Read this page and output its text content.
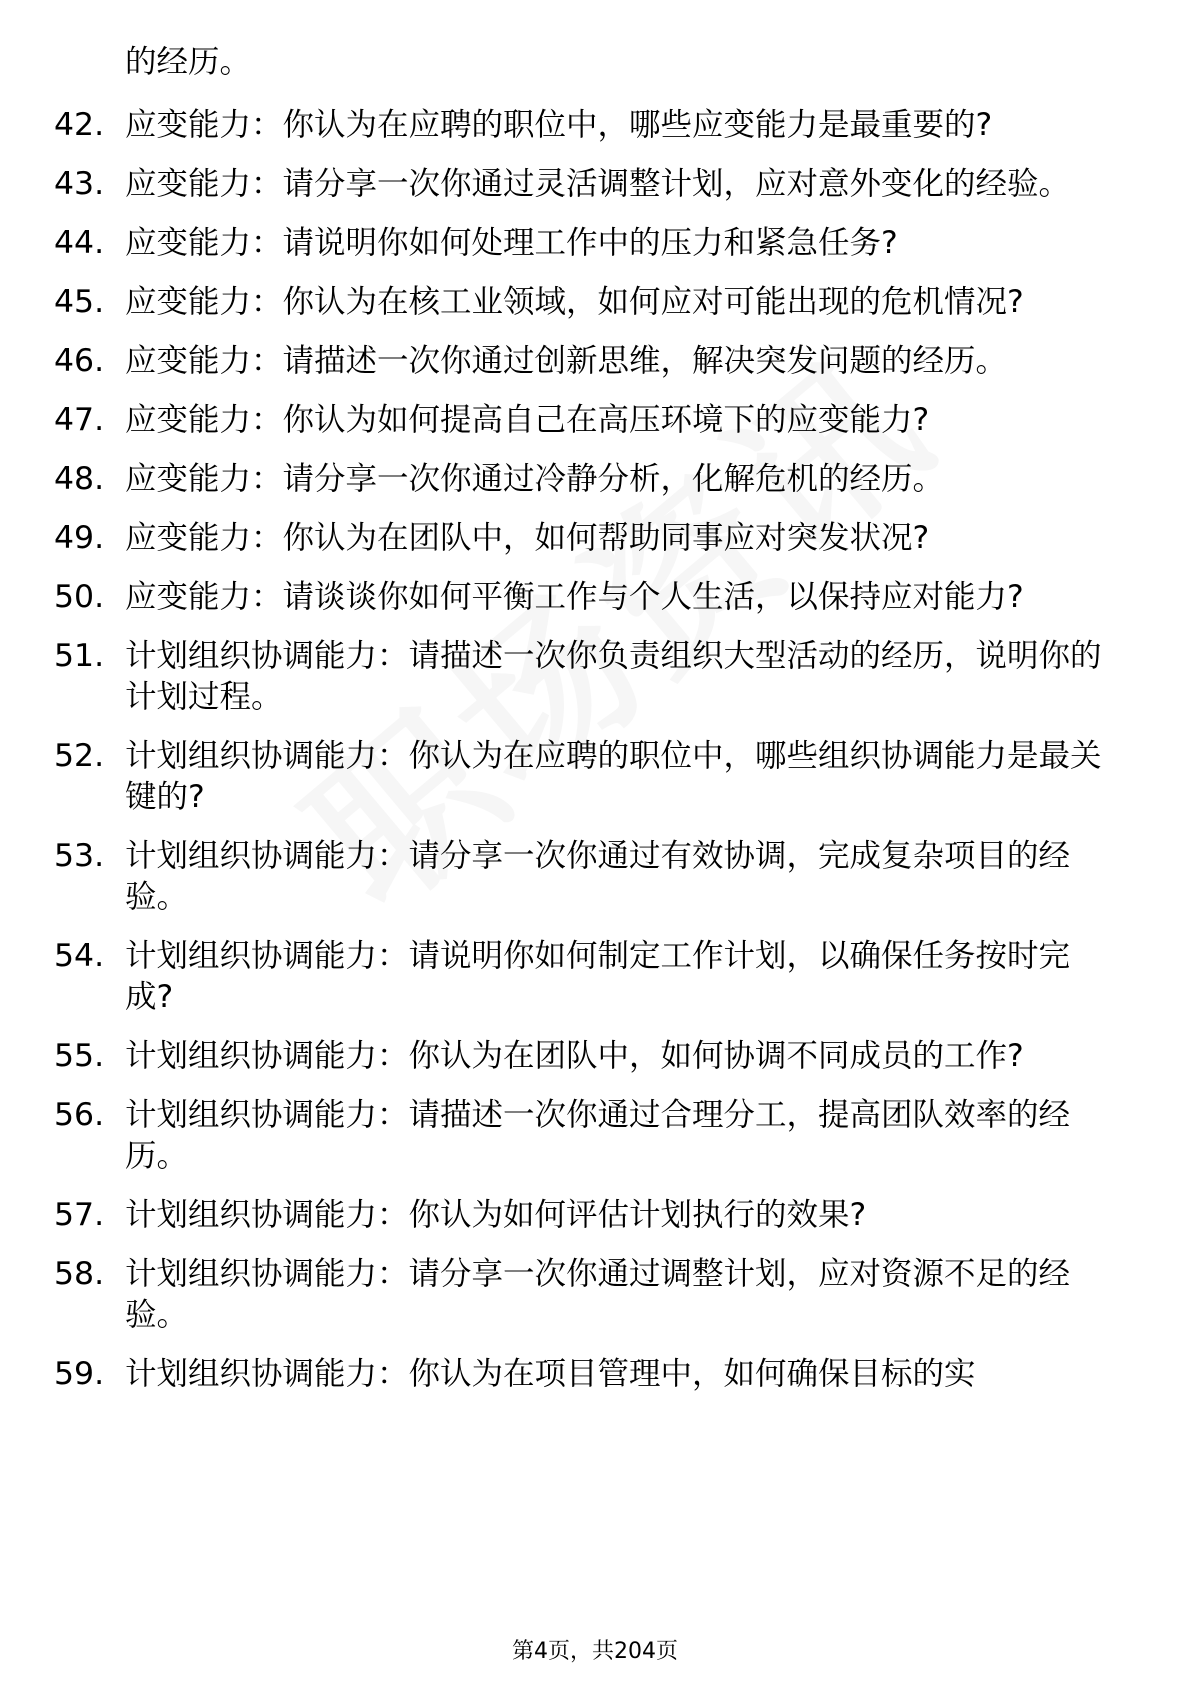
的经历。
42. 应变能力：你认为在应聘的职位中，哪些应变能力是最重要的?
43. 应变能力：请分享一次你通过灵活调整计划，应对意外变化的经验。
44. 应变能力：请说明你如何处理工作中的压力和紧急任务?
45. 应变能力：你认为在核工业领域，如何应对可能出现的危机情况?
46. 应变能力：请描述一次你通过创新思维，解决突发问题的经历。
47. 应变能力：你认为如何提高自己在高压环境下的应变能力?
48. 应变能力：请分享一次你通过冷静分析，化解危机的经历。
49. 应变能力：你认为在团队中，如何帮助同事应对突发状况?
50. 应变能力：请谈谈你如何平衡工作与个人生活，以保持应对能力?
51. 计划组织协调能力：请描述一次你负责组织大型活动的经历，说明你的计划过程。
52. 计划组织协调能力：你认为在应聘的职位中，哪些组织协调能力是最关键的?
53. 计划组织协调能力：请分享一次你通过有效协调，完成复杂项目的经验。
54. 计划组织协调能力：请说明你如何制定工作计划，以确保任务按时完成?
55. 计划组织协调能力：你认为在团队中，如何协调不同成员的工作?
56. 计划组织协调能力：请描述一次你通过合理分工，提高团队效率的经历。
57. 计划组织协调能力：你认为如何评估计划执行的效果?
58. 计划组织协调能力：请分享一次你通过调整计划，应对资源不足的经验。
59. 计划组织协调能力：你认为在项目管理中，如何确保目标的实
第4页，共204页
